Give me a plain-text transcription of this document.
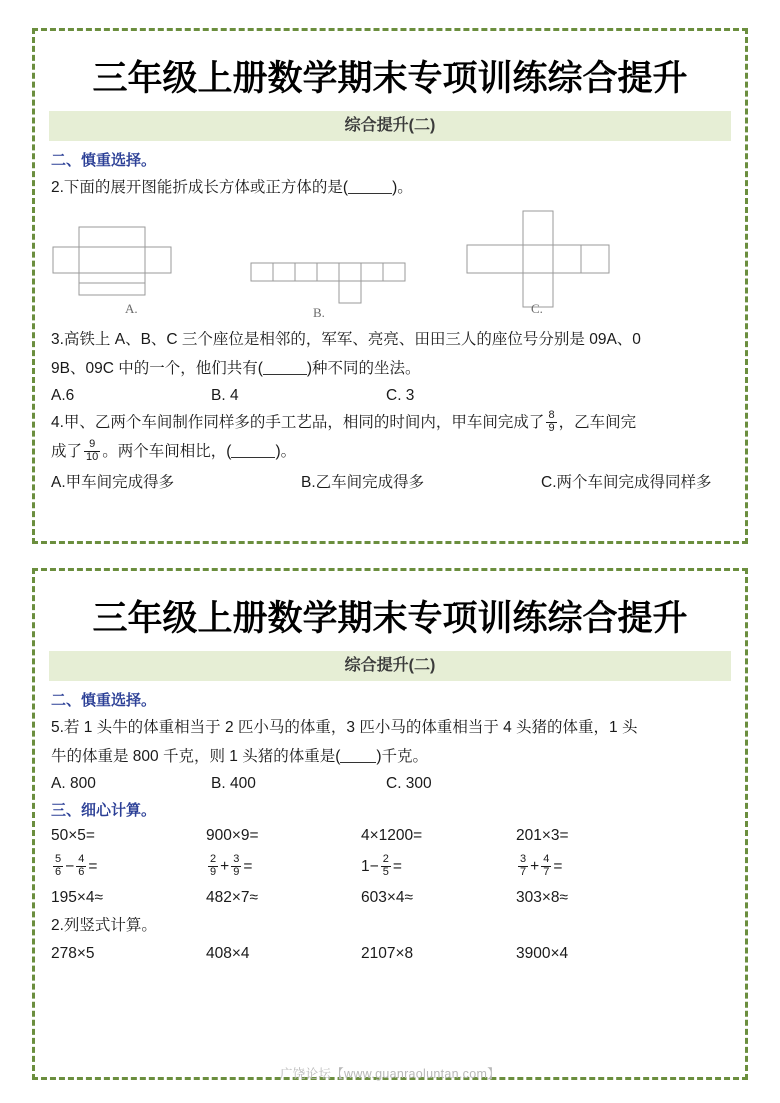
三年级上册数学期末专项训练综合提升
综合提升(二)
二、慎重选择。
2.下面的展开图能折成长方体或正方体的是(	)。
A.	B.	C.
3.高铁上 A、B、C 三个座位是相邻的，军军、亮亮、田田三人的座位号分别是 09A、0
9B、09C 中的一个，他们共有(	)种不同的坐法。
A.6	B. 4	C. 3
4.甲、乙两个车间制作同样多的手工艺品，相同的时间内，甲车间完成了 $\frac{8}{9}$ ，乙车间完
成了 $\frac{9}{10}$ 。两个车间相比，(	)。
A.甲车间完成得多	B.乙车间完成得多	C.两个车间完成得同样多
三年级上册数学期末专项训练综合提升
综合提升(二)
二、慎重选择。
5.若 1 头牛的体重相当于 2 匹小马的体重，3 匹小马的体重相当于 4 头猪的体重，1 头
牛的体重是 800 千克，则 1 头猪的体重是( )千克。
A. 800	B. 400	C. 300
三、细心计算。
50×5=	900×9=	4×1200=	201×3=
$\frac{5}{6} - \frac{4}{6}$ =	$\frac{2}{9} + \frac{3}{9}$ =	$1- \frac{2}{5}$ =	$\frac{3}{7} + \frac{4}{7}$ =
195×4≈	482×7≈	603×4≈	303×8≈
2.列竖式计算。
278×5	408×4	2107×8	3900×4
广饶论坛【www.guanraoluntan.com】
